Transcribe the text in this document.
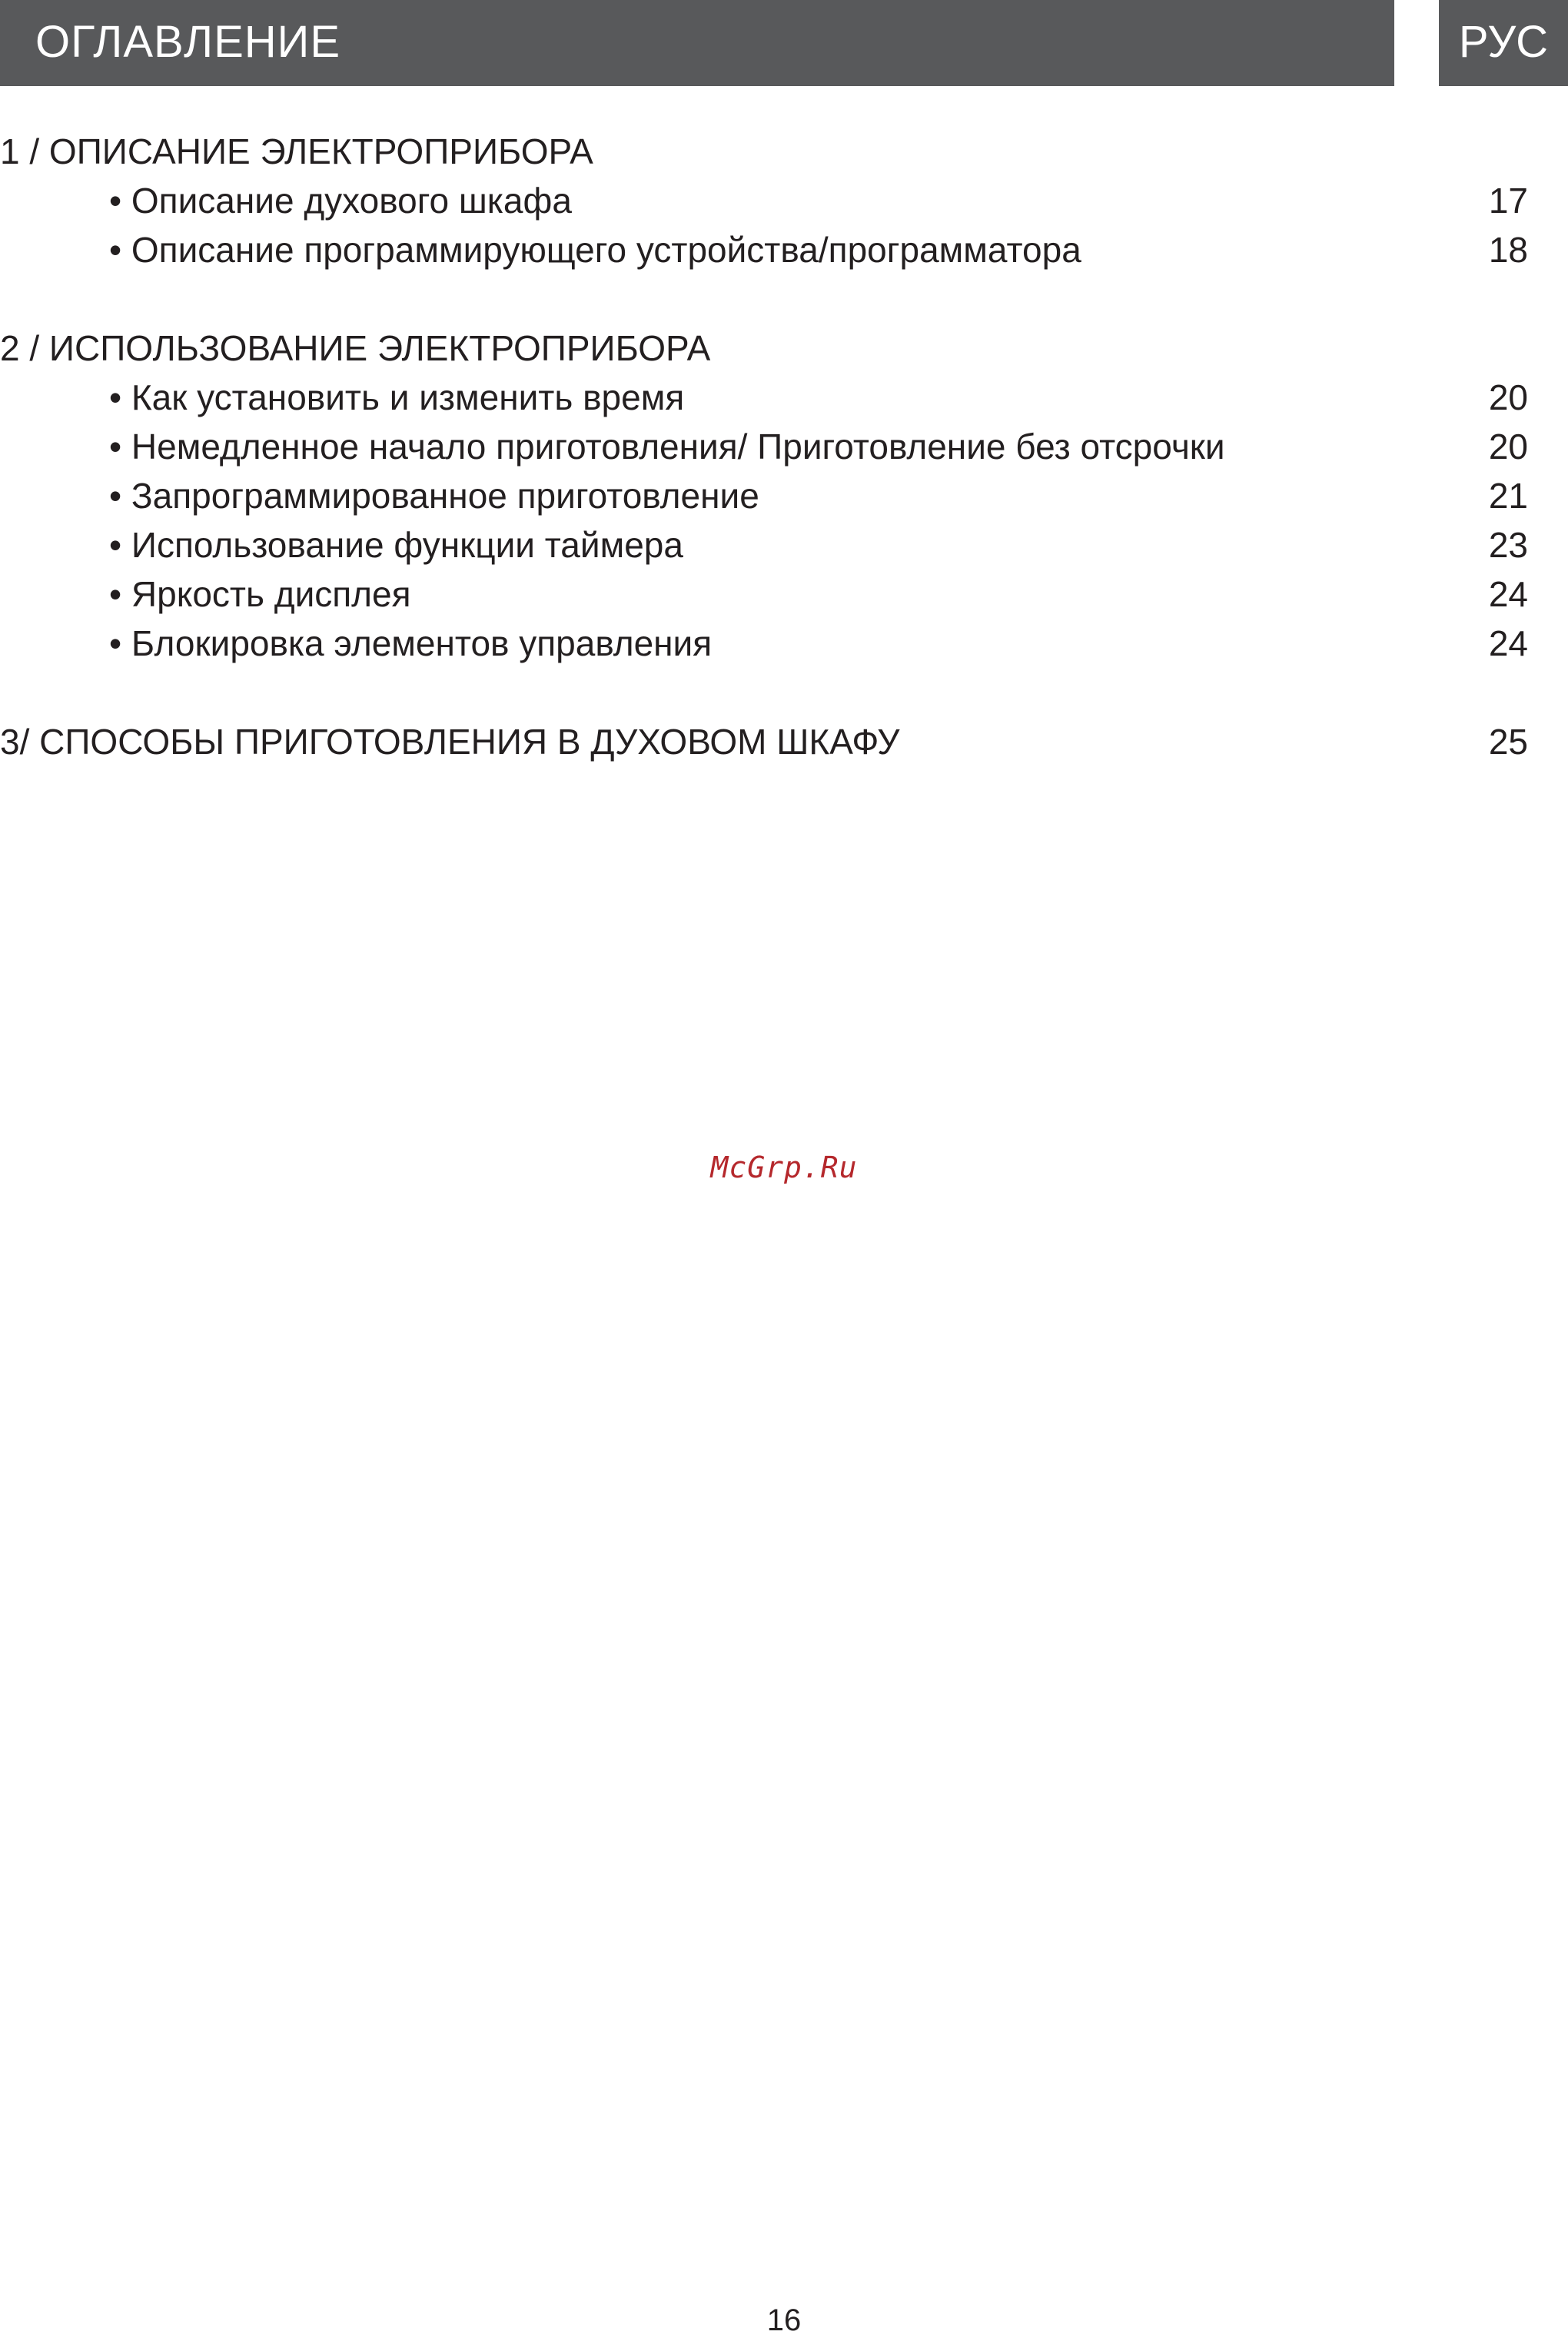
ОГЛАВЛЕНИЕ	РУС
1 / ОПИСАНИЕ ЭЛЕКТРОПРИБОРА
• Описание духового шкафа	17
• Описание программирующего устройства/программатора	18
2 / ИСПОЛЬЗОВАНИЕ ЭЛЕКТРОПРИБОРА
• Как установить и изменить время	20
• Немедленное начало приготовления/ Приготовление без отсрочки	20
• Запрограммированное приготовление	21
• Использование функции таймера	23
• Яркость дисплея	24
• Блокировка элементов управления	24
3/ СПОСОБЫ ПРИГОТОВЛЕНИЯ В ДУХОВОМ ШКАФУ	25
McGrp.Ru
16
